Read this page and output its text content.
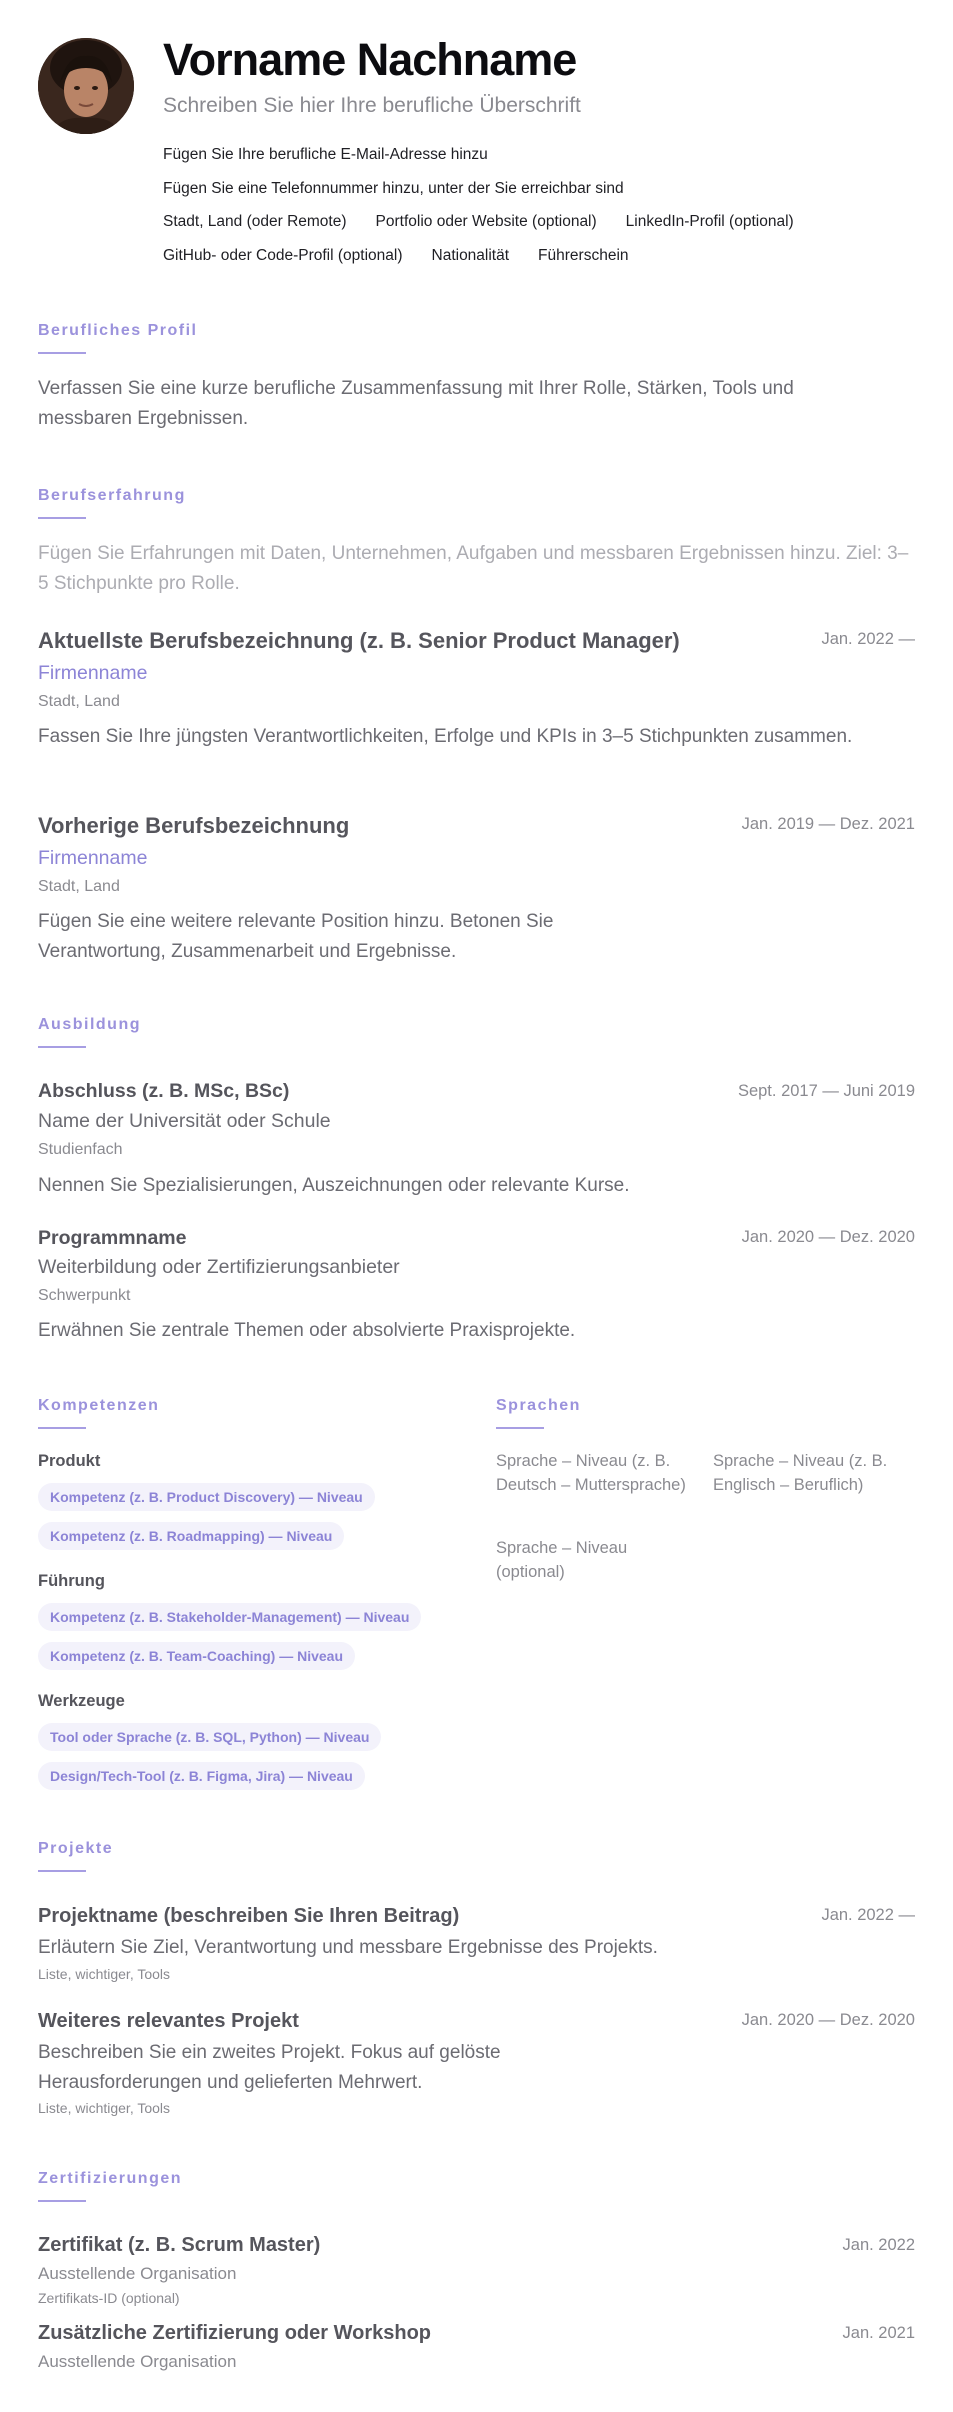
Vorname Nachname
Schreiben Sie hier Ihre berufliche Überschrift
Fügen Sie Ihre berufliche E-Mail-Adresse hinzu
Fügen Sie eine Telefonnummer hinzu, unter der Sie erreichbar sind
Stadt, Land (oder Remote) Portfolio oder Website (optional) LinkedIn-Profil (optional)
GitHub- oder Code-Profil (optional) Nationalität Führerschein
Berufliches Profil
Verfassen Sie eine kurze berufliche Zusammenfassung mit Ihrer Rolle, Stärken, Tools und messbaren Ergebnissen.
Berufserfahrung
Fügen Sie Erfahrungen mit Daten, Unternehmen, Aufgaben und messbaren Ergebnissen hinzu. Ziel: 3–5 Stichpunkte pro Rolle.
Aktuellste Berufsbezeichnung (z. B. Senior Product Manager)	Jan. 2022 —
Firmenname
Stadt, Land
Fassen Sie Ihre jüngsten Verantwortlichkeiten, Erfolge und KPIs in 3–5 Stichpunkten zusammen.
Vorherige Berufsbezeichnung	Jan. 2019 — Dez. 2021
Firmenname
Stadt, Land
Fügen Sie eine weitere relevante Position hinzu. Betonen Sie Verantwortung, Zusammenarbeit und Ergebnisse.
Ausbildung
Abschluss (z. B. MSc, BSc)	Sept. 2017 — Juni 2019
Name der Universität oder Schule
Studienfach
Nennen Sie Spezialisierungen, Auszeichnungen oder relevante Kurse.
Programmname	Jan. 2020 — Dez. 2020
Weiterbildung oder Zertifizierungsanbieter
Schwerpunkt
Erwähnen Sie zentrale Themen oder absolvierte Praxisprojekte.
Kompetenzen
Produkt
Kompetenz (z. B. Product Discovery) — Niveau
Kompetenz (z. B. Roadmapping) — Niveau
Führung
Kompetenz (z. B. Stakeholder-Management) — Niveau
Kompetenz (z. B. Team-Coaching) — Niveau
Werkzeuge
Tool oder Sprache (z. B. SQL, Python) — Niveau
Design/Tech-Tool (z. B. Figma, Jira) — Niveau
Sprachen
Sprache – Niveau (z. B. Deutsch – Muttersprache)
Sprache – Niveau (z. B. Englisch – Beruflich)
Sprache – Niveau (optional)
Projekte
Projektname (beschreiben Sie Ihren Beitrag)	Jan. 2022 —
Erläutern Sie Ziel, Verantwortung und messbare Ergebnisse des Projekts.
Liste, wichtiger, Tools
Weiteres relevantes Projekt	Jan. 2020 — Dez. 2020
Beschreiben Sie ein zweites Projekt. Fokus auf gelöste Herausforderungen und gelieferten Mehrwert.
Liste, wichtiger, Tools
Zertifizierungen
Zertifikat (z. B. Scrum Master)	Jan. 2022
Ausstellende Organisation
Zertifikats-ID (optional)
Zusätzliche Zertifizierung oder Workshop	Jan. 2021
Ausstellende Organisation
